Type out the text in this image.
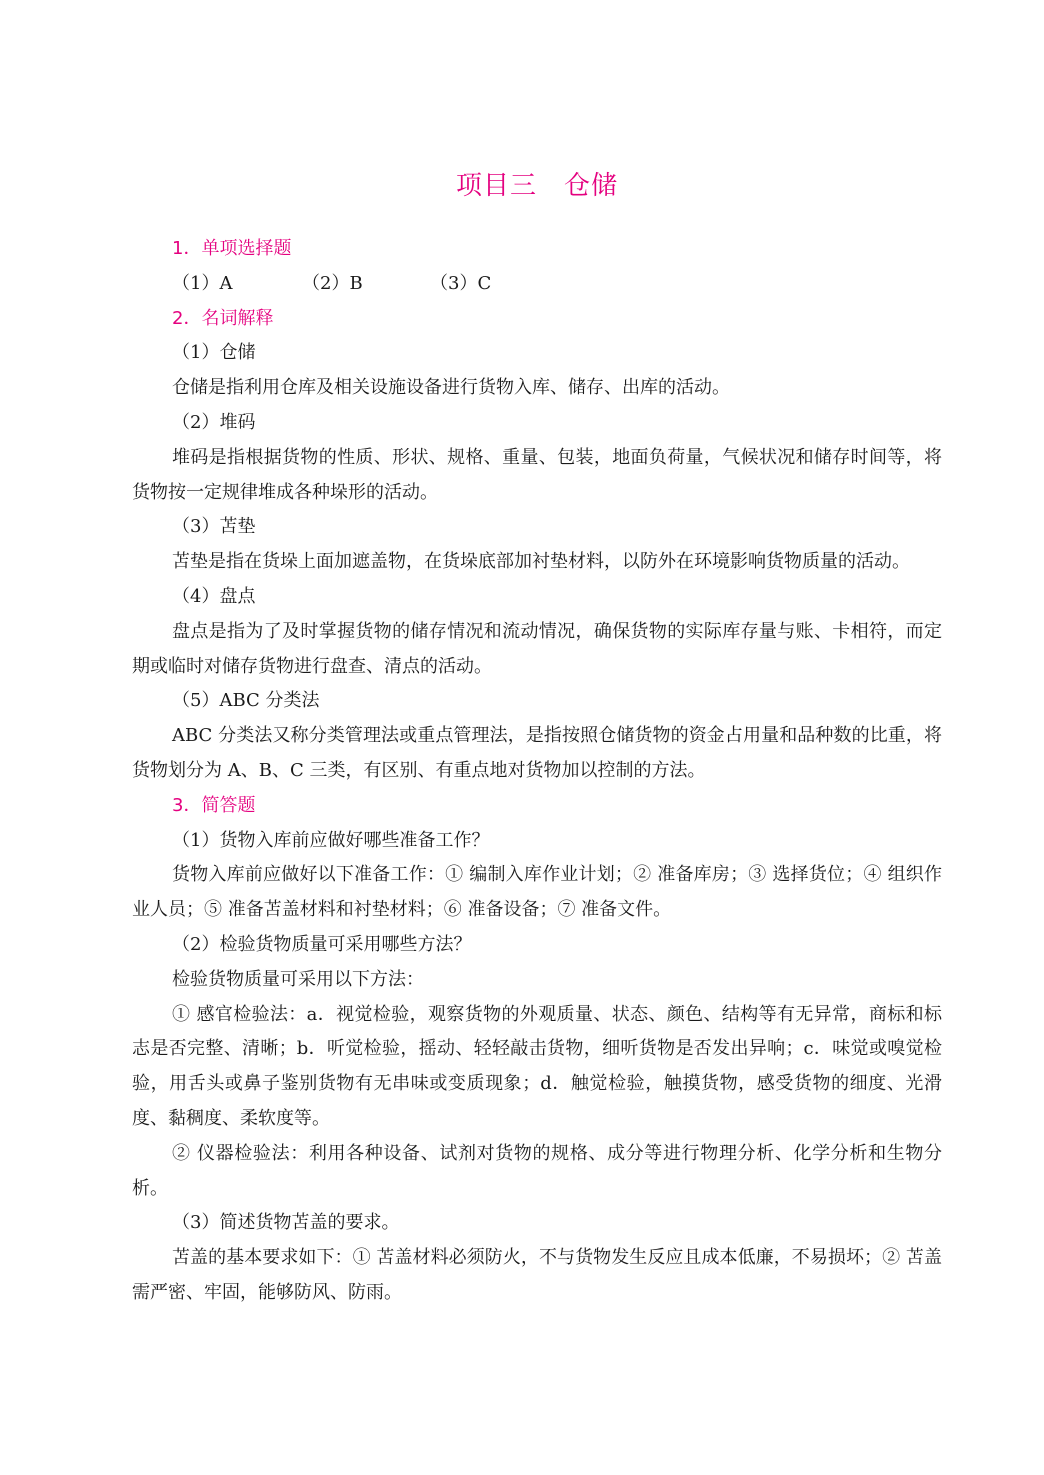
项目三　仓储

1．单项选择题

（1）A	（2）B	（3）C

2．名词解释

（1）仓储

仓储是指利用仓库及相关设施设备进行货物入库、储存、出库的活动。

（2）堆码

堆码是指根据货物的性质、形状、规格、重量、包装，地面负荷量，气候状况和储存时间等，将货物按一定规律堆成各种垛形的活动。

（3）苫垫

苫垫是指在货垛上面加遮盖物，在货垛底部加衬垫材料，以防外在环境影响货物质量的活动。

（4）盘点

盘点是指为了及时掌握货物的储存情况和流动情况，确保货物的实际库存量与账、卡相符，而定期或临时对储存货物进行盘查、清点的活动。

（5）ABC 分类法

ABC 分类法又称分类管理法或重点管理法，是指按照仓储货物的资金占用量和品种数的比重，将货物划分为 A、B、C 三类，有区别、有重点地对货物加以控制的方法。

3．简答题

（1）货物入库前应做好哪些准备工作？

货物入库前应做好以下准备工作：① 编制入库作业计划；② 准备库房；③ 选择货位；④ 组织作业人员；⑤ 准备苫盖材料和衬垫材料；⑥ 准备设备；⑦ 准备文件。

（2）检验货物质量可采用哪些方法？

检验货物质量可采用以下方法：

① 感官检验法：a．视觉检验，观察货物的外观质量、状态、颜色、结构等有无异常，商标和标志是否完整、清晰；b．听觉检验，摇动、轻轻敲击货物，细听货物是否发出异响；c．味觉或嗅觉检验，用舌头或鼻子鉴别货物有无串味或变质现象；d．触觉检验，触摸货物，感受货物的细度、光滑度、黏稠度、柔软度等。

② 仪器检验法：利用各种设备、试剂对货物的规格、成分等进行物理分析、化学分析和生物分析。

（3）简述货物苫盖的要求。

苫盖的基本要求如下：① 苫盖材料必须防火，不与货物发生反应且成本低廉，不易损坏；② 苫盖需严密、牢固，能够防风、防雨。
